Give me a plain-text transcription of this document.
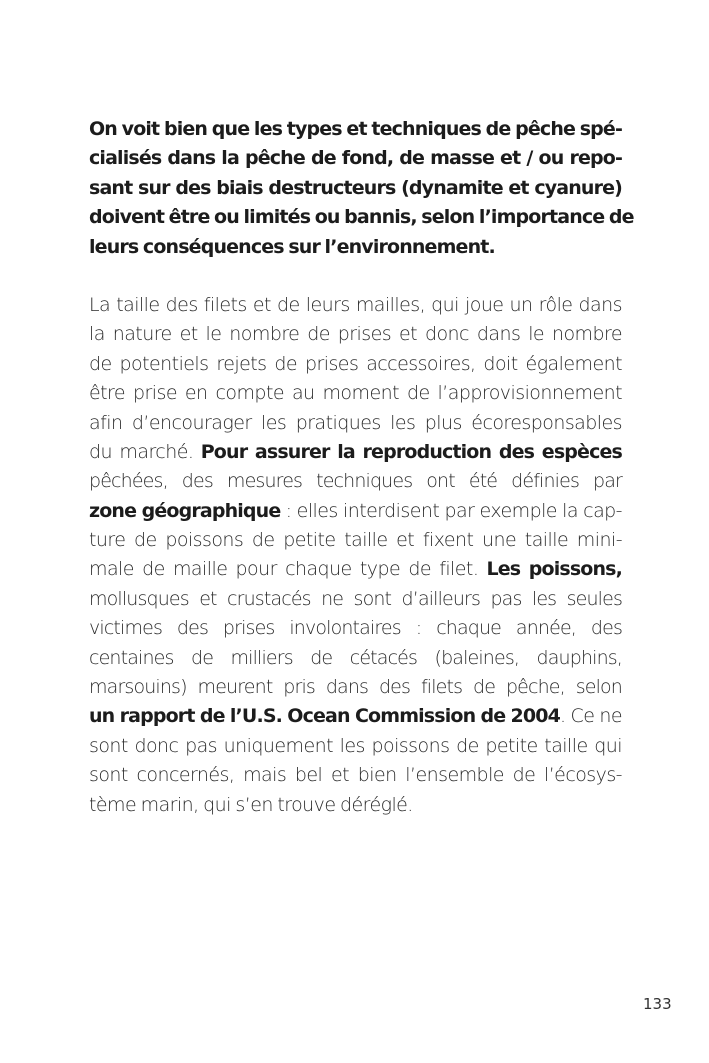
On voit bien que les types et techniques de pêche spé-
cialisés dans la pêche de fond, de masse et / ou repo-
sant sur des biais destructeurs (dynamite et cyanure)
doivent être ou limités ou bannis, selon l’importance de
leurs conséquences sur l’environnement.
La taille des filets et de leurs mailles, qui joue un rôle dans
la nature et le nombre de prises et donc dans le nombre
de potentiels rejets de prises accessoires, doit également
être prise en compte au moment de l’approvisionnement
afin d’encourager les pratiques les plus écoresponsables
du marché. Pour assurer la reproduction des espèces
pêchées, des mesures techniques ont été définies par
zone géographique : elles interdisent par exemple la cap-
ture de poissons de petite taille et fixent une taille mini-
male de maille pour chaque type de filet. Les poissons,
mollusques et crustacés ne sont d’ailleurs pas les seules
victimes des prises involontaires : chaque année, des
centaines de milliers de cétacés (baleines, dauphins,
marsouins) meurent pris dans des filets de pêche, selon
un rapport de l’U.S. Ocean Commission de 2004. Ce ne
sont donc pas uniquement les poissons de petite taille qui
sont concernés, mais bel et bien l’ensemble de l’écosys-
tème marin, qui s’en trouve déréglé.
133
